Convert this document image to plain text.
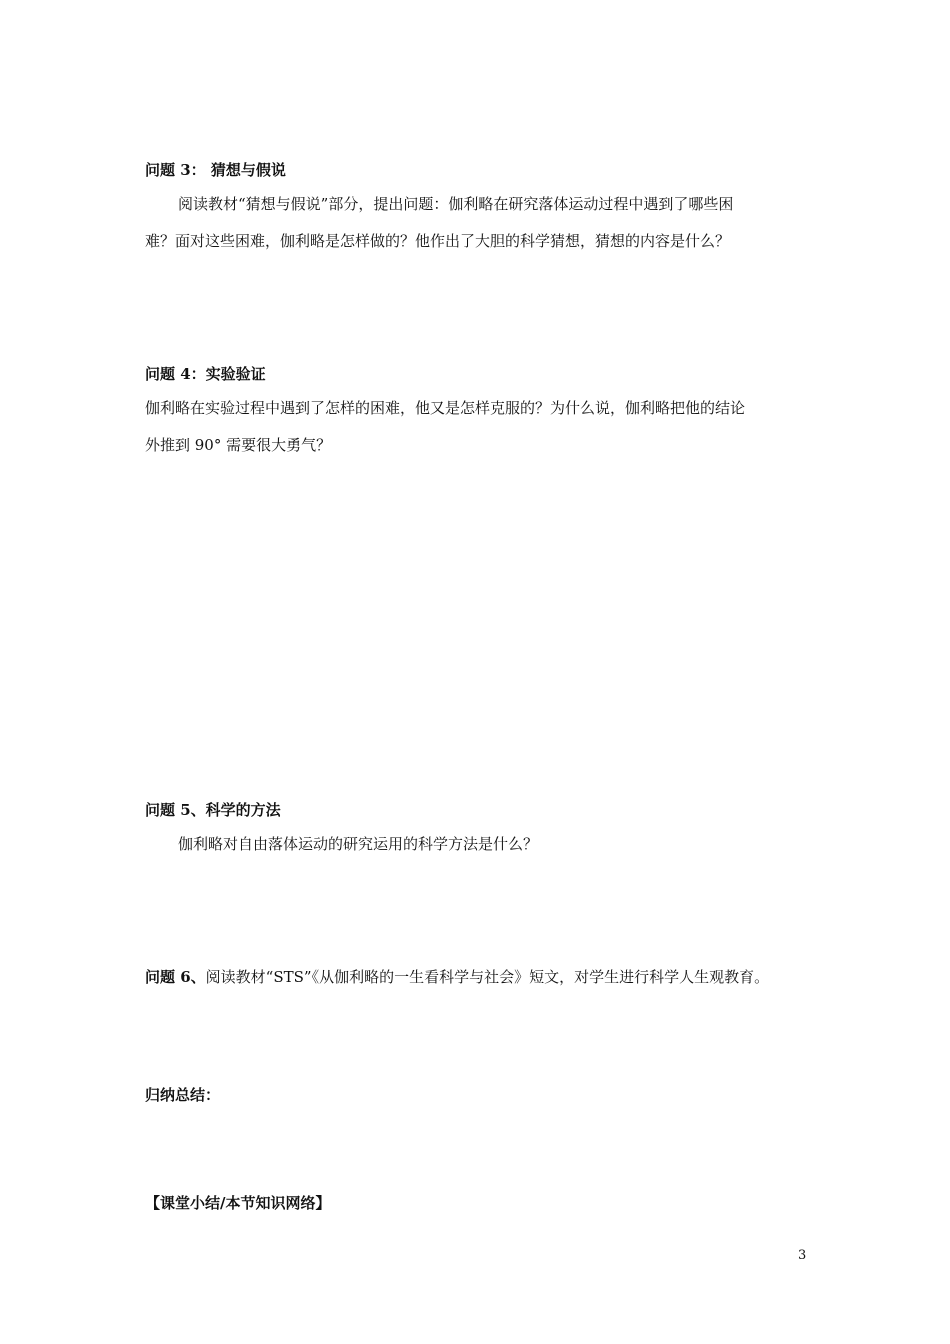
问题 3： 猜想与假说
阅读教材“猜想与假说”部分，提出问题：伽利略在研究落体运动过程中遇到了哪些困
难？面对这些困难，伽利略是怎样做的？他作出了大胆的科学猜想，猜想的内容是什么？
问题 4：实验验证
伽利略在实验过程中遇到了怎样的困难，他又是怎样克服的？为什么说，伽利略把他的结论
外推到 90° 需要很大勇气？
问题 5、科学的方法
伽利略对自由落体运动的研究运用的科学方法是什么？
问题 6、阅读教材“STS”《从伽利略的一生看科学与社会》短文，对学生进行科学人生观教育。
归纳总结：
【课堂小结/本节知识网络】
3
